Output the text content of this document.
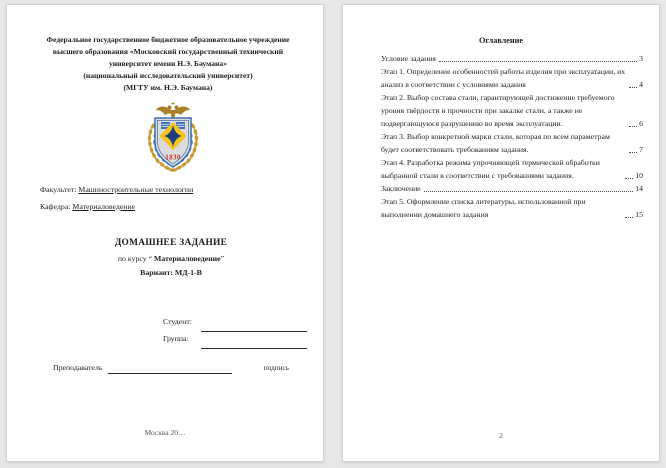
Федеральное государственное бюджетное образовательное учреждение
высшего образования «Московский государственный технический
университет имени Н.Э. Баумана»
(национальный исследовательский университет)
(МГТУ им. Н.Э. Баумана)
1830
Факультет: Машиностроительные технологии
Кафедра: Материаловедение
ДОМАШНЕЕ ЗАДАНИЕ
по курсу “ Материаловедение”
Вариант: МД-1-В
Студент:
Группа:
Преподаватель	подпись
Москва 20…
Оглавление
Условие задания	3
Этап 1. Определение особенностей работы изделия при эксплуатации, их анализ в соответствии с условиями задания	4
Этап 2. Выбор состава стали, гарантирующей достижение требуемого уровня твёрдости и прочности при закалке стали, а также не подвергающуюся разрушению во время эксплуатации.	6
Этап 3. Выбор конкретной марки стали, которая по всем параметрам будет соответствовать требованиям задания.	7
Этап 4. Разработка режима упрочняющей термической обработки выбранной стали в соответствии с требованиями задания.	10
Заключение	14
Этап 5. Оформление списка литературы, использованной при выполнении домашнего задания	15
2
